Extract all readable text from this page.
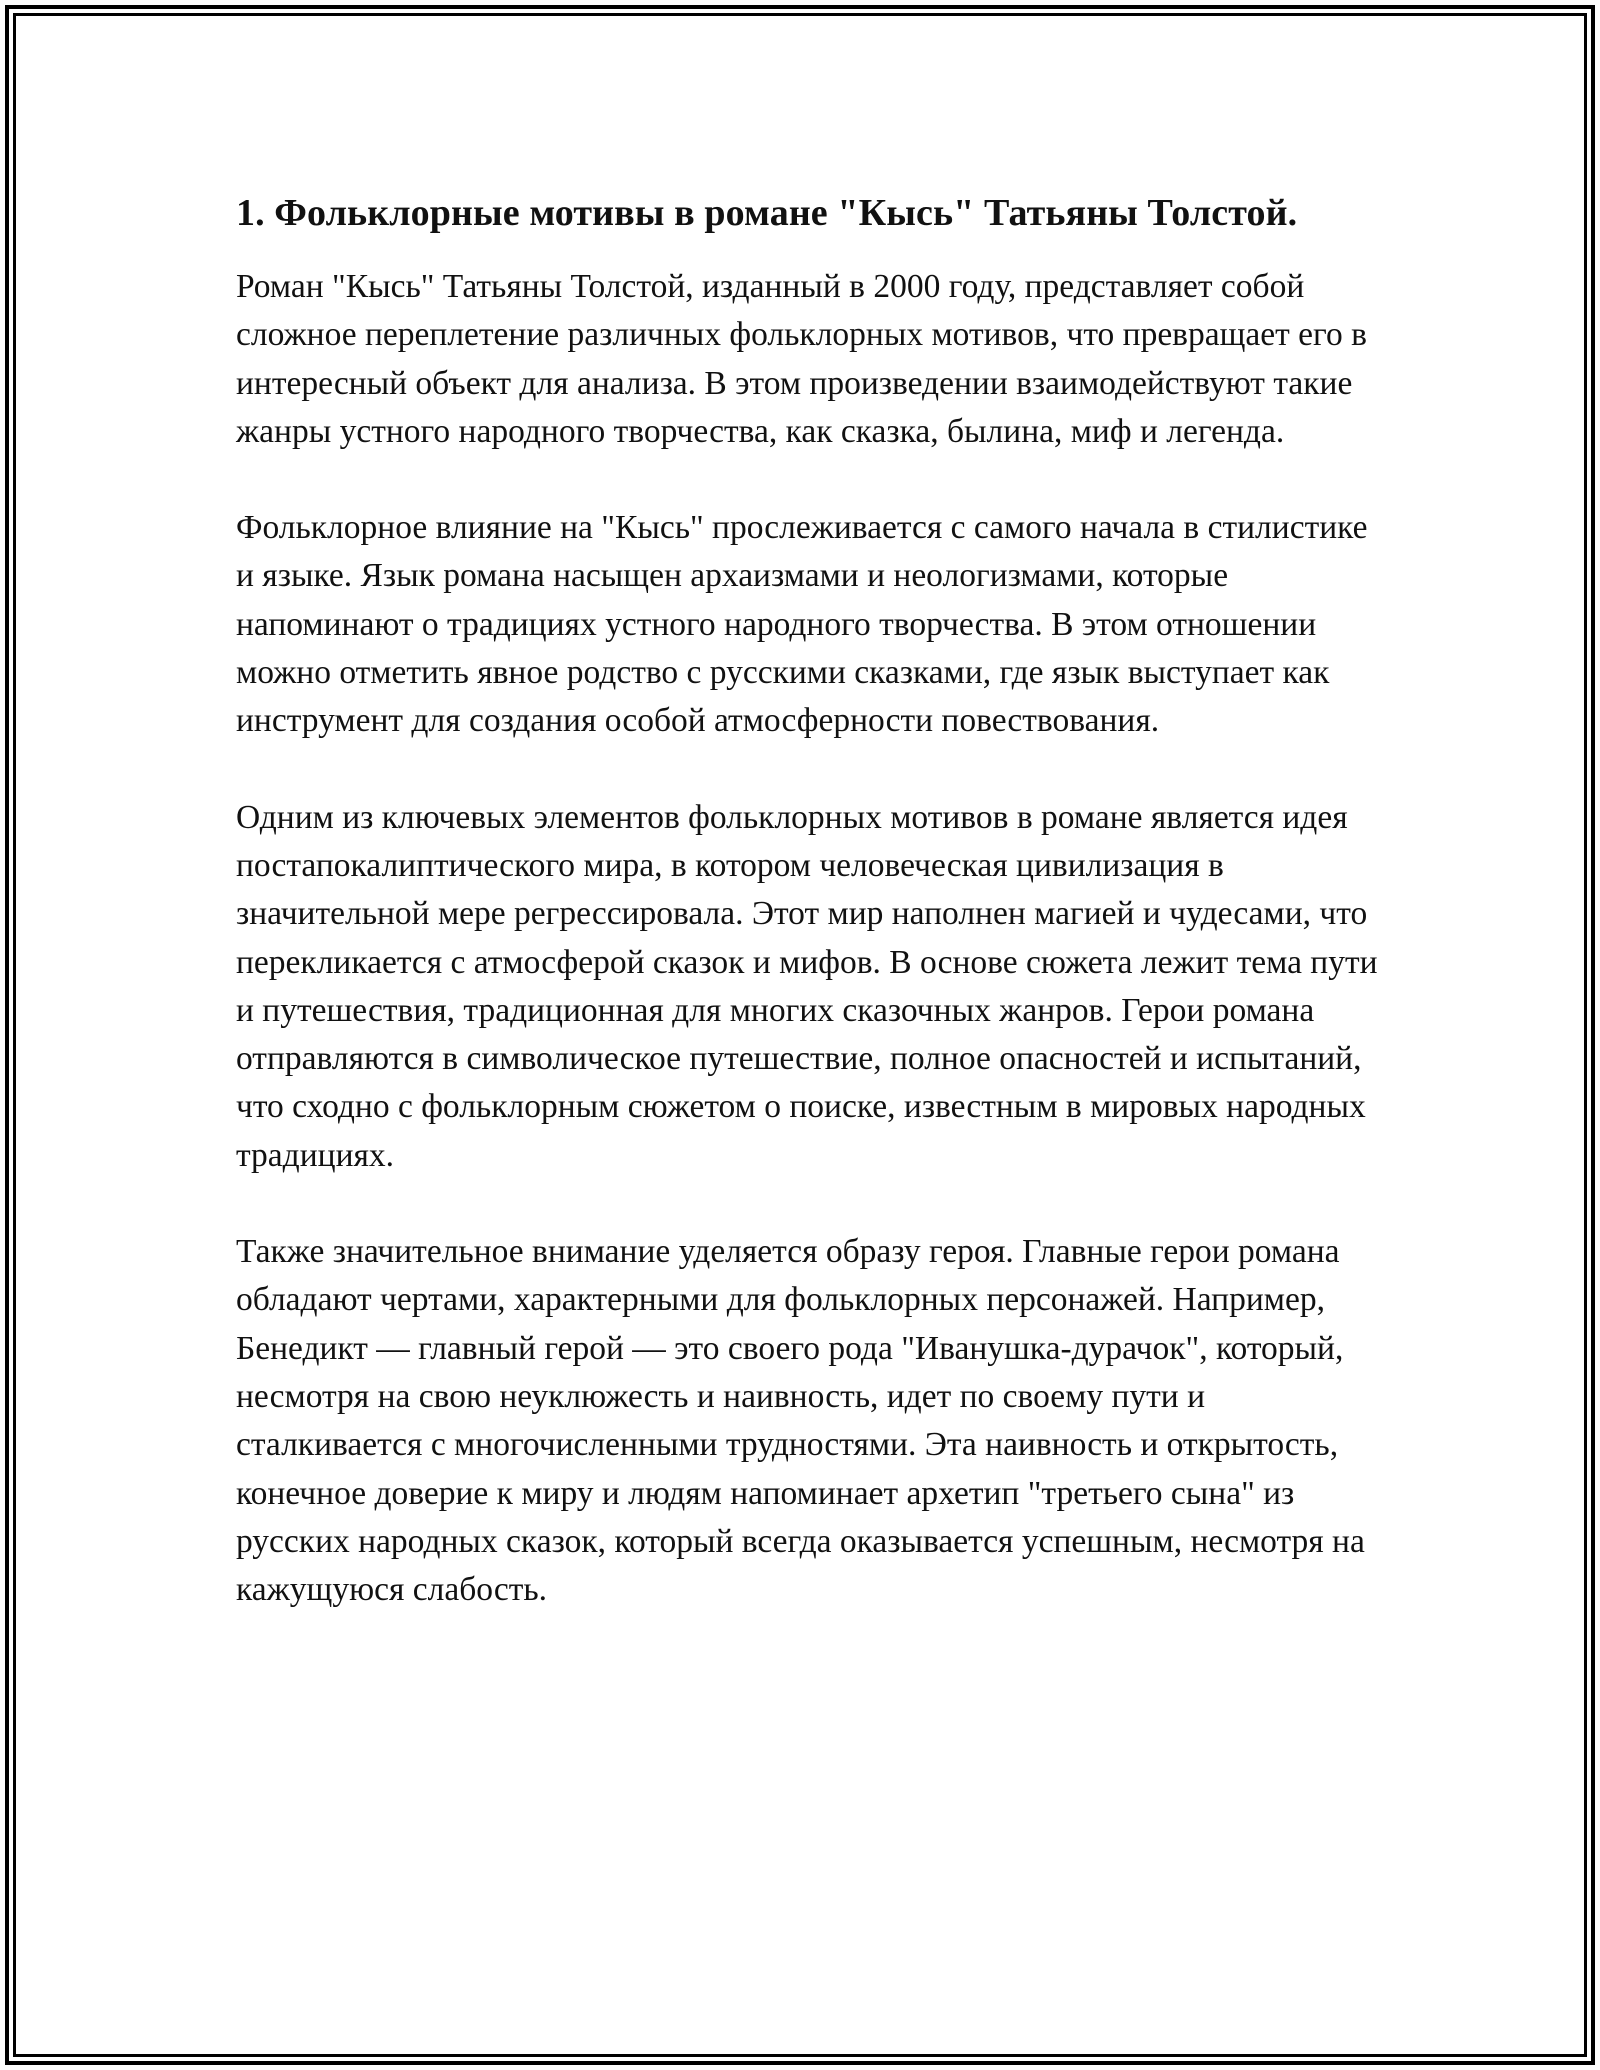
1. Фольклорные мотивы в романе "Кысь" Татьяны Толстой.

Роман "Кысь" Татьяны Толстой, изданный в 2000 году, представляет собой сложное переплетение различных фольклорных мотивов, что превращает его в интересный объект для анализа. В этом произведении взаимодействуют такие жанры устного народного творчества, как сказка, былина, миф и легенда.

Фольклорное влияние на "Кысь" прослеживается с самого начала в стилистике и языке. Язык романа насыщен архаизмами и неологизмами, которые напоминают о традициях устного народного творчества. В этом отношении можно отметить явное родство с русскими сказками, где язык выступает как инструмент для создания особой атмосферности повествования.

Одним из ключевых элементов фольклорных мотивов в романе является идея постапокалиптического мира, в котором человеческая цивилизация в значительной мере регрессировала. Этот мир наполнен магией и чудесами, что перекликается с атмосферой сказок и мифов. В основе сюжета лежит тема пути и путешествия, традиционная для многих сказочных жанров. Герои романа отправляются в символическое путешествие, полное опасностей и испытаний, что сходно с фольклорным сюжетом о поиске, известным в мировых народных традициях.

Также значительное внимание уделяется образу героя. Главные герои романа обладают чертами, характерными для фольклорных персонажей. Например, Бенедикт — главный герой — это своего рода "Иванушка-дурачок", который, несмотря на свою неуклюжесть и наивность, идет по своему пути и сталкивается с многочисленными трудностями. Эта наивность и открытость, конечное доверие к миру и людям напоминает архетип "третьего сына" из русских народных сказок, который всегда оказывается успешным, несмотря на кажущуюся слабость.
